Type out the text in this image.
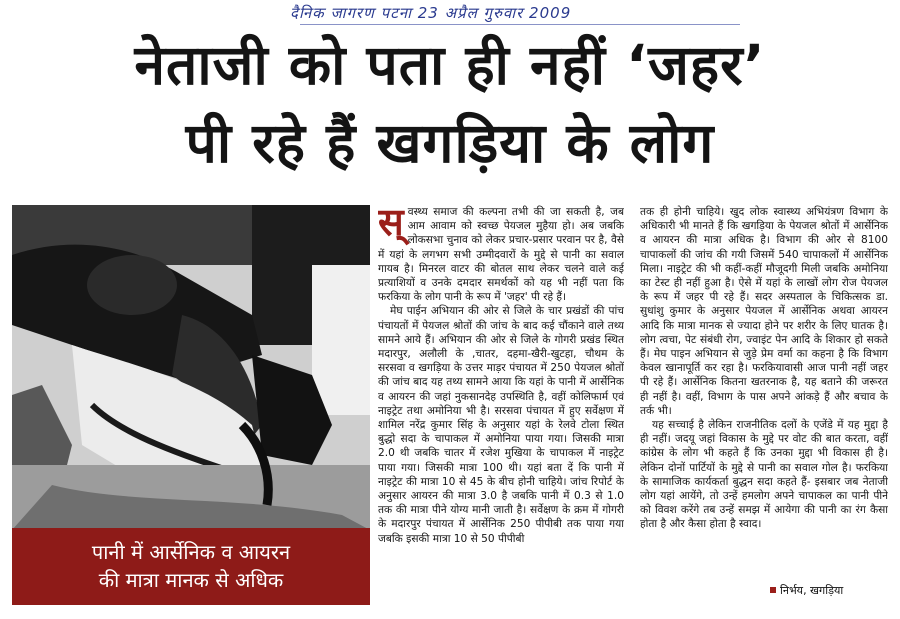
दैनिक जागरण पटना 23 अप्रैल गुरुवार 2009
नेताजी को पता ही नहीं ‘जहर’
पी रहे हैं खगड़िया के लोग
पानी में आर्सेनिक व आयरन
की मात्रा मानक से अधिक
स् वस्थ्य समाज की कल्पना तभी की जा सकती है, जब आम आवाम को स्वच्छ पेयजल मुहैया हो। अब जबकि लोकसभा चुनाव को लेकर प्रचार-प्रसार परवान पर है, वैसे में यहां के लगभग सभी उम्मीदवारों के मुद्दे से पानी का सवाल गायब है। मिनरल वाटर की बोतल साथ लेकर चलने वाले कई प्रत्याशियों व उनके दमदार समर्थकों को यह भी नहीं पता कि फरकिया के लोग पानी के रूप में 'जहर' पी रहे हैं।

मेघ पाईन अभियान की ओर से जिले के चार प्रखंडों की पांच पंचायतों में पेयजल श्रोतों की जांच के बाद कई चौंकाने वाले तथ्य सामने आये हैं। अभियान की ओर से जिले के गोगरी प्रखंड स्थित मदारपुर, अलौली के ,चातर, दहमा-खैरी-खुटहा, चौथम के सरसवा व खगड़िया के उत्तर माड़र पंचायत में 250 पेयजल श्रोतों की जांच बाद यह तथ्य सामने आया कि यहां के पानी में आर्सेनिक व आयरन की जहां नुकसानदेह उपस्थिति है, वहीं कोलिफार्म एवं नाइट्रेट तथा अमोनिया भी है। सरसवा पंचायत में हुए सर्वेक्षण में शामिल नरेंद्र कुमार सिंह के अनुसार यहां के रेलवे टोला स्थित बुद्धो सदा के चापाकल में अमोनिया पाया गया। जिसकी मात्रा 2.0 थी जबकि चातर में रजेश मुखिया के चापाकल में नाइट्रेट पाया गया। जिसकी मात्रा 100 थी। यहां बता दें कि पानी में नाइट्रेट की मात्रा 10 से 45 के बीच होनी चाहिये। जांच रिपोर्ट के अनुसार आयरन की मात्रा 3.0 है जबकि पानी में 0.3 से 1.0 तक की मात्रा पीने योग्य मानी जाती है। सर्वेक्षण के क्रम में गोगरी के मदारपुर पंचायत में आर्सेनिक 250 पीपीबी तक पाया गया जबकि इसकी मात्रा 10 से 50 पीपीबी

तक ही होनी चाहिये। खुद लोक स्वास्थ्य अभियंत्रण विभाग के अधिकारी भी मानते हैं कि खगड़िया के पेयजल श्रोतों में आर्सेनिक व आयरन की मात्रा अधिक है। विभाग की ओर से 8100 चापाकलों की जांच की गयी जिसमें 540 चापाकलों में आर्सेनिक मिला। नाइट्रेट की भी कहीं-कहीं मौजूदगी मिली जबकि अमोनिया का टेस्ट ही नहीं हुआ है। ऐसे में यहां के लाखों लोग रोज पेयजल के रूप में जहर पी रहे हैं। सदर अस्पताल के चिकित्सक डा. सुधांशु कुमार के अनुसार पेयजल में आर्सेनिक अथवा आयरन आदि कि मात्रा मानक से ज्यादा होने पर शरीर के लिए घातक है। लोग त्वचा, पेट संबंधी रोग, ज्वाइंट पेन आदि के शिकार हो सकते हैं। मेघ पाइन अभियान से जुड़े प्रेम वर्मा का कहना है कि विभाग केवल खानापूर्ति कर रहा है। फरकियावासी आज पानी नहीं जहर पी रहे हैं। आर्सेनिक कितना खतरनाक है, यह बताने की जरूरत ही नहीं है। वहीं, विभाग के पास अपने आंकड़े हैं और बचाव के तर्क भी।

यह सच्चाई है लेकिन राजनीतिक दलों के एजेंडे में यह मुद्दा है ही नहीं। जदयू जहां विकास के मुद्दे पर वोट की बात करता, वहीं कांग्रेस के लोग भी कहते हैं कि उनका मुद्दा भी विकास ही है। लेकिन दोनों पार्टियों के मुद्दे से पानी का सवाल गोल है। फरकिया के सामाजिक कार्यकर्ता बुद्धन सदा कहते हैं- इसबार जब नेताजी लोग यहां आयेंगे, तो उन्हें हमलोग अपने चापाकल का पानी पीने को विवश करेंगे तब उन्हें समझ में आयेगा की पानी का रंग कैसा होता है और कैसा होता है स्वाद।

निर्भय, खगड़िया
